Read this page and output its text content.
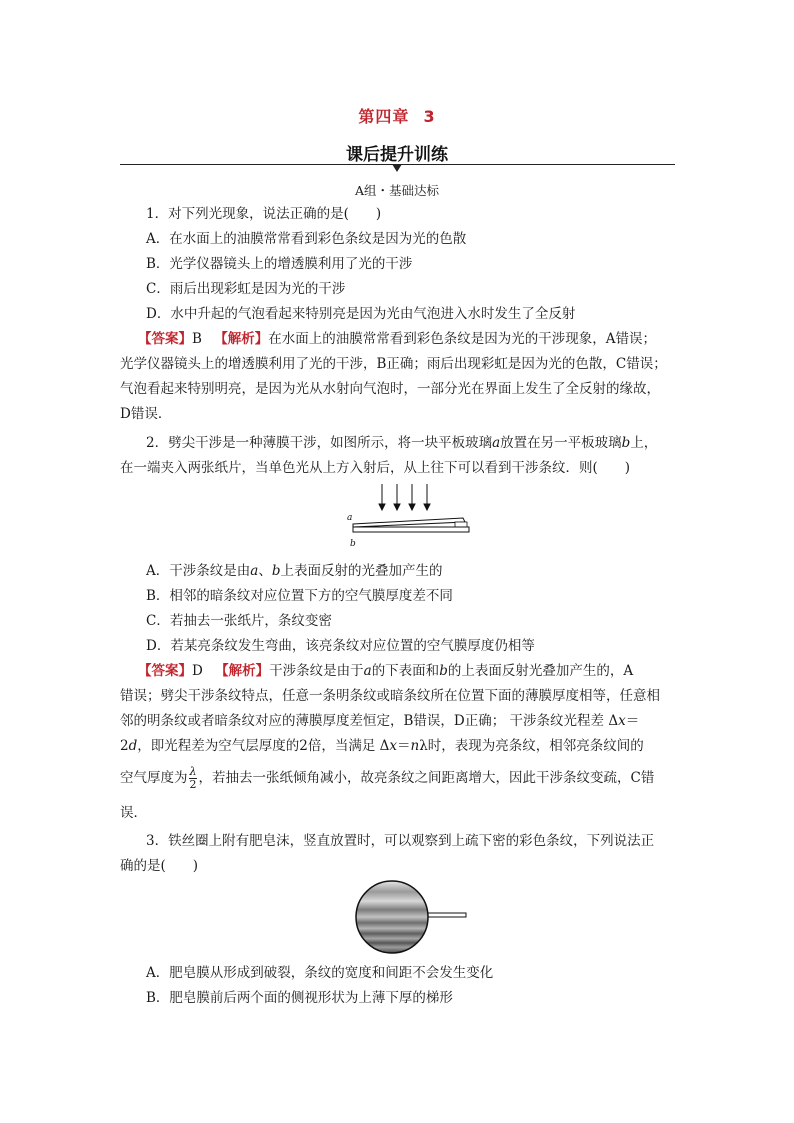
第四章 3
课后提升训练
A组・基础达标
1．对下列光现象，说法正确的是(　　)
A．在水面上的油膜常常看到彩色条纹是因为光的色散
B．光学仪器镜头上的增透膜利用了光的干涉
C．雨后出现彩虹是因为光的干涉
D．水中升起的气泡看起来特别亮是因为光由气泡进入水时发生了全反射
【答案】B 【解析】在水面上的油膜常常看到彩色条纹是因为光的干涉现象，A错误；
光学仪器镜头上的增透膜利用了光的干涉，B正确；雨后出现彩虹是因为光的色散，C错误；
气泡看起来特别明亮，是因为光从水射向气泡时，一部分光在界面上发生了全反射的缘故，
D错误．
2．劈尖干涉是一种薄膜干涉，如图所示，将一块平板玻璃a放置在另一平板玻璃b上，
在一端夹入两张纸片，当单色光从上方入射后，从上往下可以看到干涉条纹．则(　　)
a
b
A．干涉条纹是由a、b上表面反射的光叠加产生的
B．相邻的暗条纹对应位置下方的空气膜厚度差不同
C．若抽去一张纸片，条纹变密
D．若某亮条纹发生弯曲，该亮条纹对应位置的空气膜厚度仍相等
【答案】D 【解析】干涉条纹是由于a的下表面和b的上表面反射光叠加产生的，A
错误；劈尖干涉条纹特点，任意一条明条纹或暗条纹所在位置下面的薄膜厚度相等，任意相
邻的明条纹或者暗条纹对应的薄膜厚度差恒定，B错误，D正确； 干涉条纹光程差 Δx＝
2d，即光程差为空气层厚度的2倍，当满足 Δx＝nλ时，表现为亮条纹，相邻亮条纹间的
空气厚度为 $\frac{\lambda}{2}$ ，若抽去一张纸倾角减小，故亮条纹之间距离增大，因此干涉条纹变疏，C错
误．
3．铁丝圈上附有肥皂沫，竖直放置时，可以观察到上疏下密的彩色条纹，下列说法正
确的是(　　)
A．肥皂膜从形成到破裂，条纹的宽度和间距不会发生变化
B．肥皂膜前后两个面的侧视形状为上薄下厚的梯形
